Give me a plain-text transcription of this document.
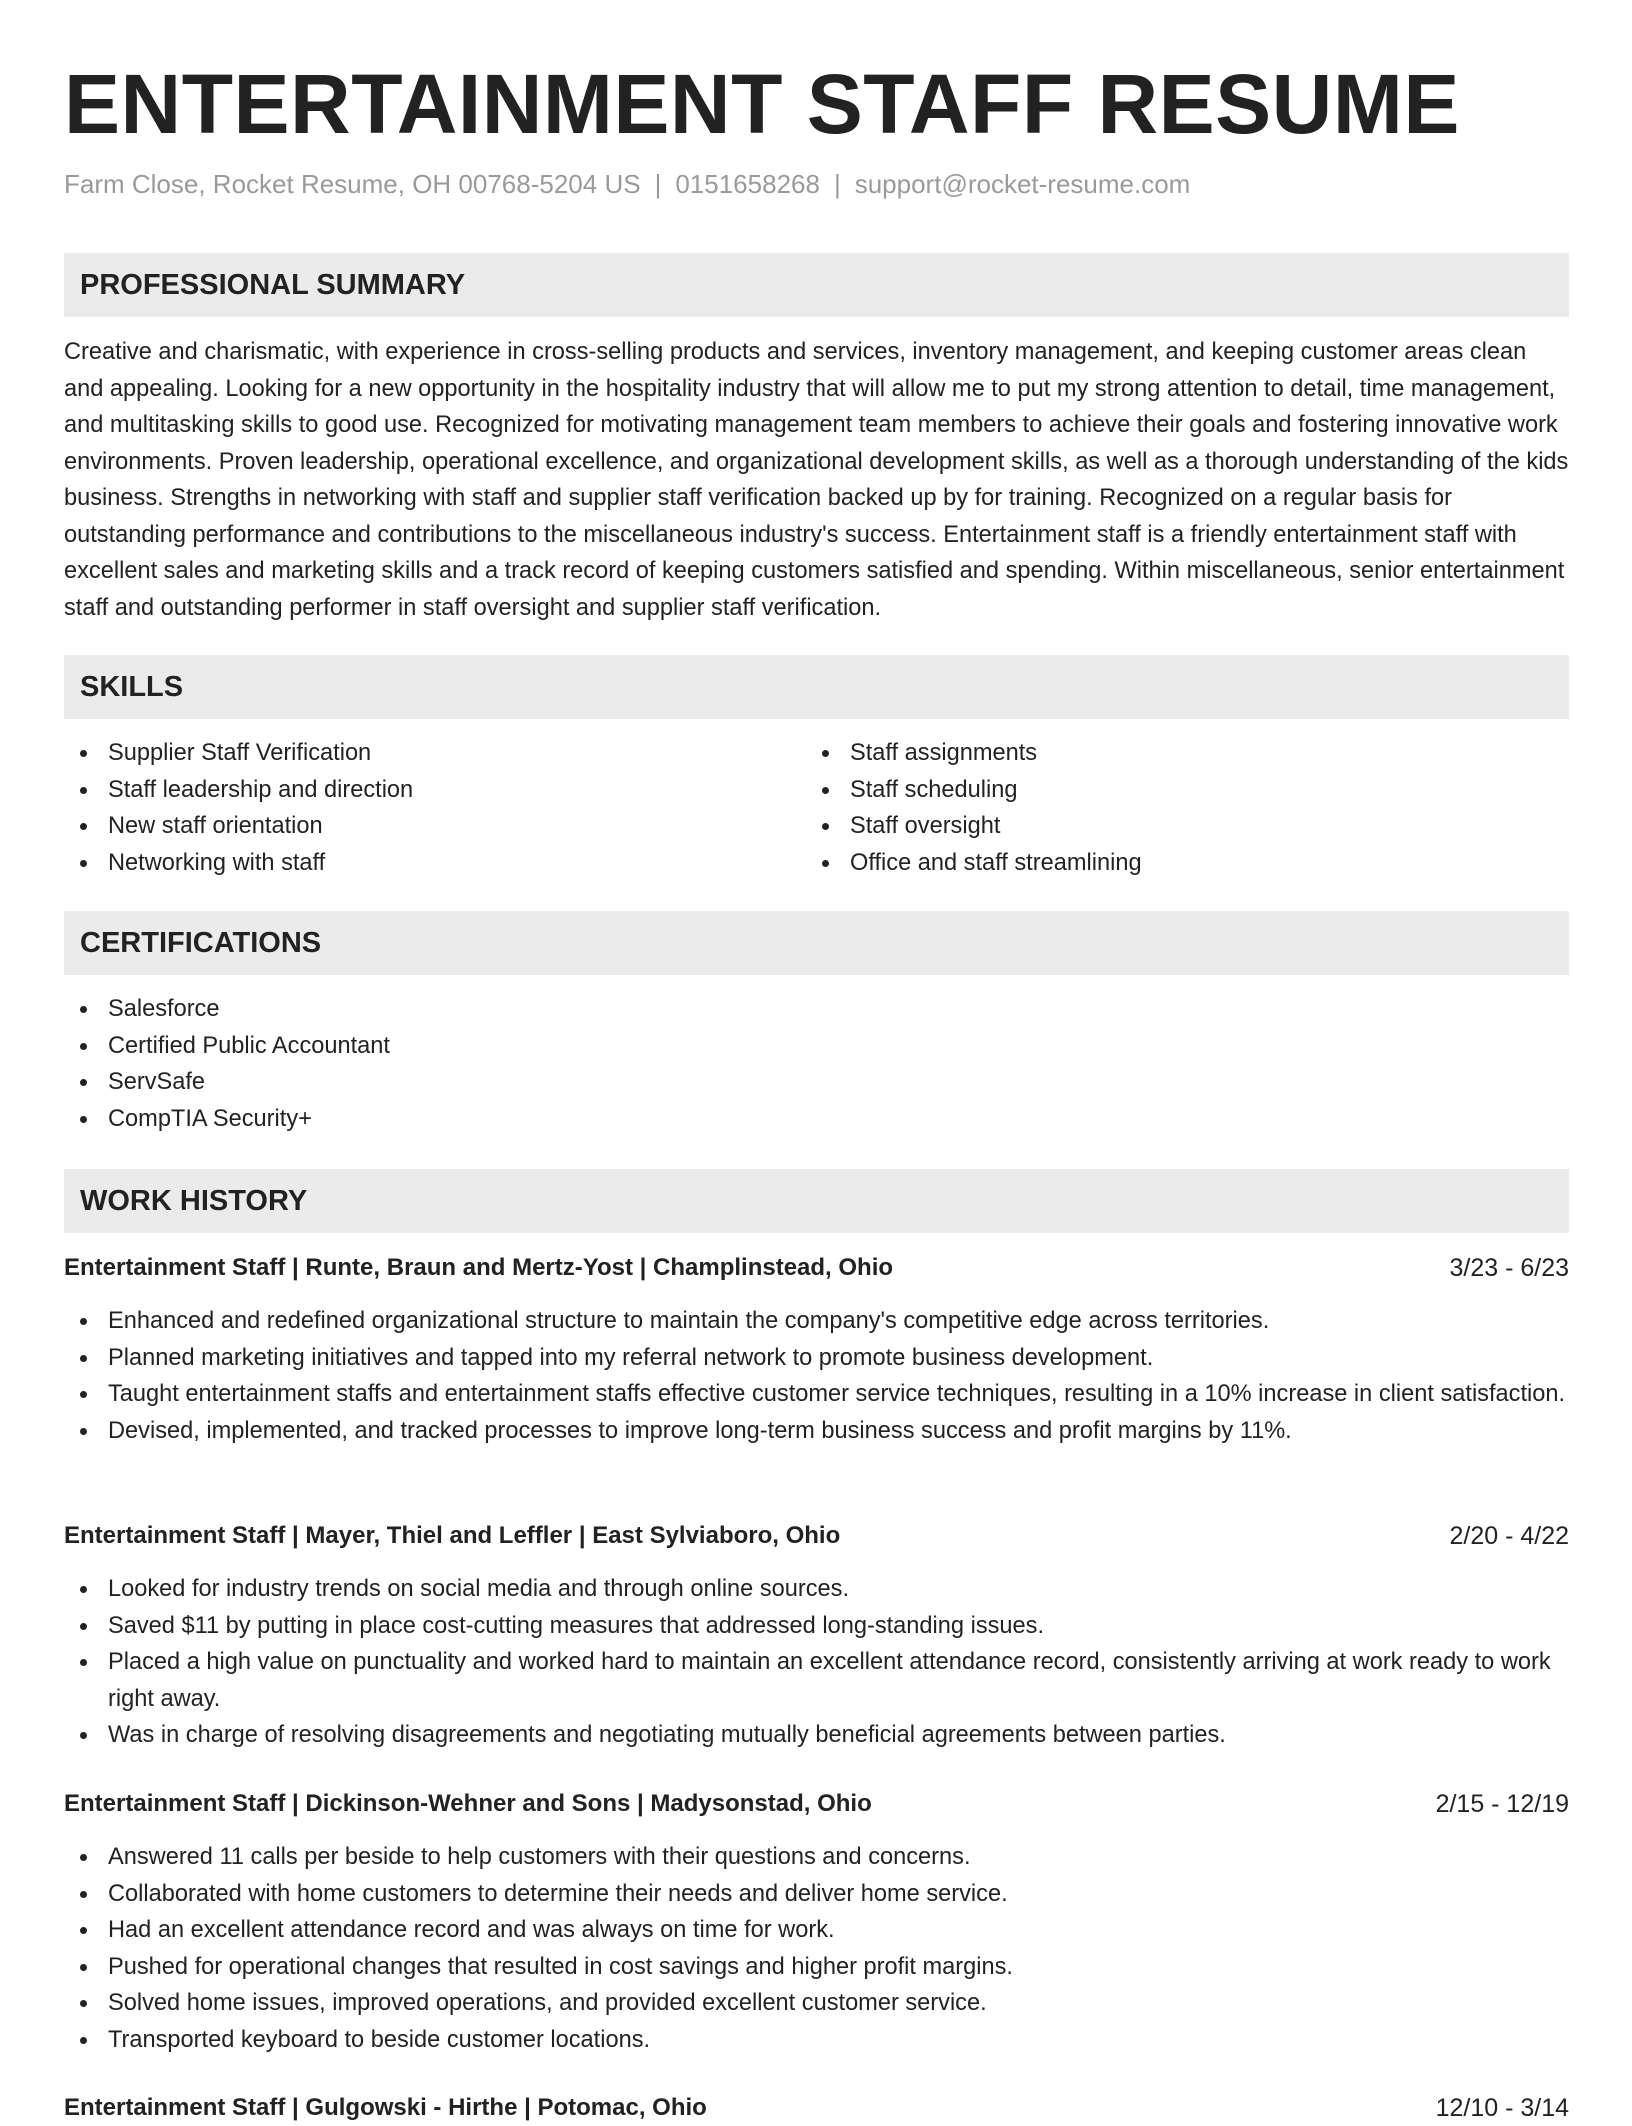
ENTERTAINMENT STAFF RESUME
Farm Close, Rocket Resume, OH 00768-5204 US | 0151658268 | support@rocket-resume.com
PROFESSIONAL SUMMARY

Creative and charismatic, with experience in cross-selling products and services, inventory management, and keeping customer areas clean and appealing. Looking for a new opportunity in the hospitality industry that will allow me to put my strong attention to detail, time management, and multitasking skills to good use. Recognized for motivating management team members to achieve their goals and fostering innovative work environments. Proven leadership, operational excellence, and organizational development skills, as well as a thorough understanding of the kids business. Strengths in networking with staff and supplier staff verification backed up by for training. Recognized on a regular basis for outstanding performance and contributions to the miscellaneous industry's success. Entertainment staff is a friendly entertainment staff with excellent sales and marketing skills and a track record of keeping customers satisfied and spending. Within miscellaneous, senior entertainment staff and outstanding performer in staff oversight and supplier staff verification.

SKILLS
Supplier Staff Verification
Staff leadership and direction
New staff orientation
Networking with staff
Staff assignments
Staff scheduling
Staff oversight
Office and staff streamlining
CERTIFICATIONS
Salesforce
Certified Public Accountant
ServSafe
CompTIA Security+
WORK HISTORY
Entertainment Staff | Runte, Braun and Mertz-Yost | Champlinstead, Ohio	3/23 - 6/23
Enhanced and redefined organizational structure to maintain the company's competitive edge across territories.
Planned marketing initiatives and tapped into my referral network to promote business development.
Taught entertainment staffs and entertainment staffs effective customer service techniques, resulting in a 10% increase in client satisfaction.
Devised, implemented, and tracked processes to improve long-term business success and profit margins by 11%.
Entertainment Staff | Mayer, Thiel and Leffler | East Sylviaboro, Ohio	2/20 - 4/22
Looked for industry trends on social media and through online sources.
Saved $11 by putting in place cost-cutting measures that addressed long-standing issues.
Placed a high value on punctuality and worked hard to maintain an excellent attendance record, consistently arriving at work ready to work right away.
Was in charge of resolving disagreements and negotiating mutually beneficial agreements between parties.
Entertainment Staff | Dickinson-Wehner and Sons | Madysonstad, Ohio	2/15 - 12/19
Answered 11 calls per beside to help customers with their questions and concerns.
Collaborated with home customers to determine their needs and deliver home service.
Had an excellent attendance record and was always on time for work.
Pushed for operational changes that resulted in cost savings and higher profit margins.
Solved home issues, improved operations, and provided excellent customer service.
Transported keyboard to beside customer locations.
Entertainment Staff | Gulgowski - Hirthe | Potomac, Ohio	12/10 - 3/14
